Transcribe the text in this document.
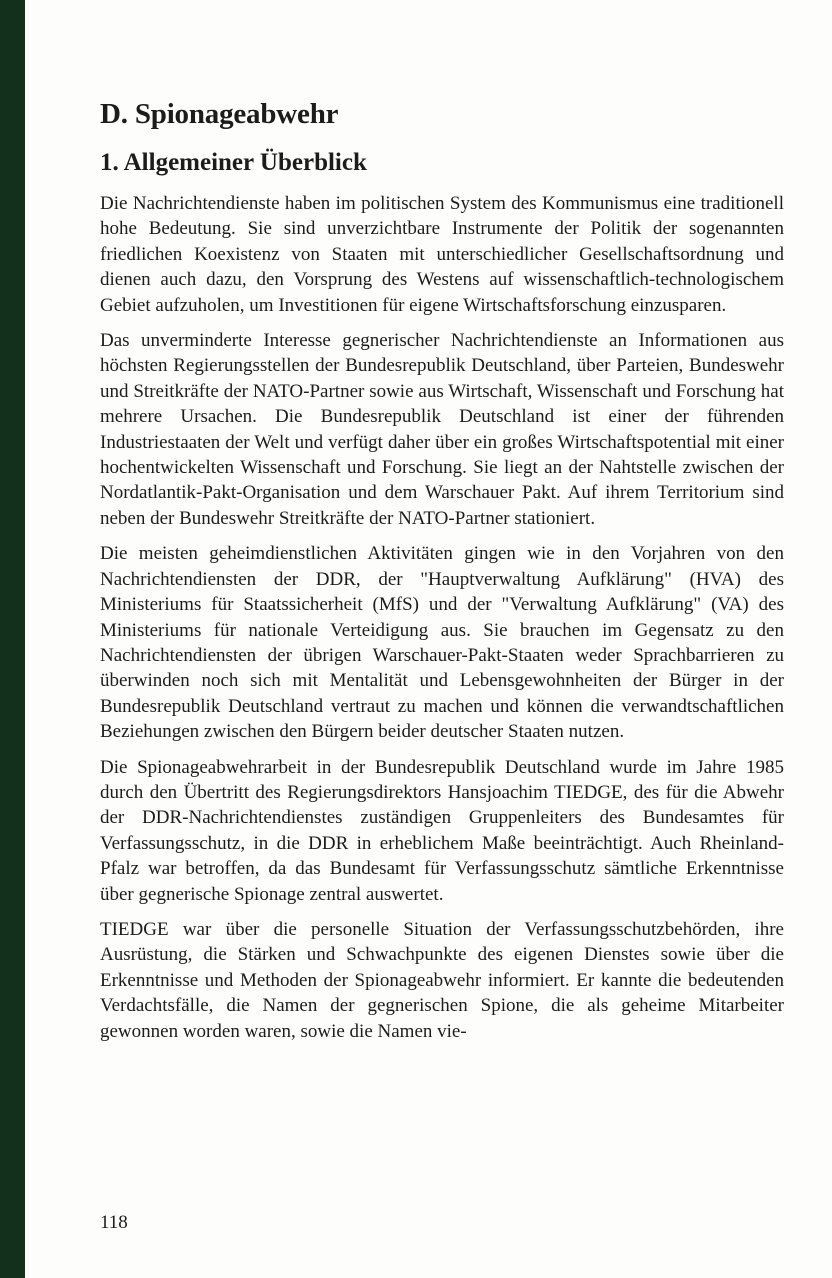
D. Spionageabwehr
1. Allgemeiner Überblick

Die Nachrichtendienste haben im politischen System des Kommunismus eine traditionell hohe Bedeutung. Sie sind unverzichtbare Instrumente der Politik der sogenannten friedlichen Koexistenz von Staaten mit unterschiedlicher Gesellschaftsordnung und dienen auch dazu, den Vorsprung des Westens auf wissenschaftlich-technologischem Gebiet aufzuholen, um Investitionen für eigene Wirtschaftsforschung einzusparen.

Das unverminderte Interesse gegnerischer Nachrichtendienste an Informationen aus höchsten Regierungsstellen der Bundesrepublik Deutschland, über Parteien, Bundeswehr und Streitkräfte der NATO-Partner sowie aus Wirtschaft, Wissenschaft und Forschung hat mehrere Ursachen. Die Bundesrepublik Deutschland ist einer der führenden Industriestaaten der Welt und verfügt daher über ein großes Wirtschaftspotential mit einer hochentwickelten Wissenschaft und Forschung. Sie liegt an der Nahtstelle zwischen der Nordatlantik-Pakt-Organisation und dem Warschauer Pakt. Auf ihrem Territorium sind neben der Bundeswehr Streitkräfte der NATO-Partner stationiert.

Die meisten geheimdienstlichen Aktivitäten gingen wie in den Vorjahren von den Nachrichtendiensten der DDR, der "Hauptverwaltung Aufklärung" (HVA) des Ministeriums für Staatssicherheit (MfS) und der "Verwaltung Aufklärung" (VA) des Ministeriums für nationale Verteidigung aus. Sie brauchen im Gegensatz zu den Nachrichtendiensten der übrigen Warschauer-Pakt-Staaten weder Sprachbarrieren zu überwinden noch sich mit Mentalität und Lebensgewohnheiten der Bürger in der Bundesrepublik Deutschland vertraut zu machen und können die verwandtschaftlichen Beziehungen zwischen den Bürgern beider deutscher Staaten nutzen.

Die Spionageabwehrarbeit in der Bundesrepublik Deutschland wurde im Jahre 1985 durch den Übertritt des Regierungsdirektors Hansjoachim TIEDGE, des für die Abwehr der DDR-Nachrichtendienstes zuständigen Gruppenleiters des Bundesamtes für Verfassungsschutz, in die DDR in erheblichem Maße beeinträchtigt. Auch Rheinland-Pfalz war betroffen, da das Bundesamt für Verfassungsschutz sämtliche Erkenntnisse über gegnerische Spionage zentral auswertet.

TIEDGE war über die personelle Situation der Verfassungsschutzbehörden, ihre Ausrüstung, die Stärken und Schwachpunkte des eigenen Dienstes sowie über die Erkenntnisse und Methoden der Spionageabwehr informiert. Er kannte die bedeutenden Verdachtsfälle, die Namen der gegnerischen Spione, die als geheime Mitarbeiter gewonnen worden waren, sowie die Namen vie-

118
